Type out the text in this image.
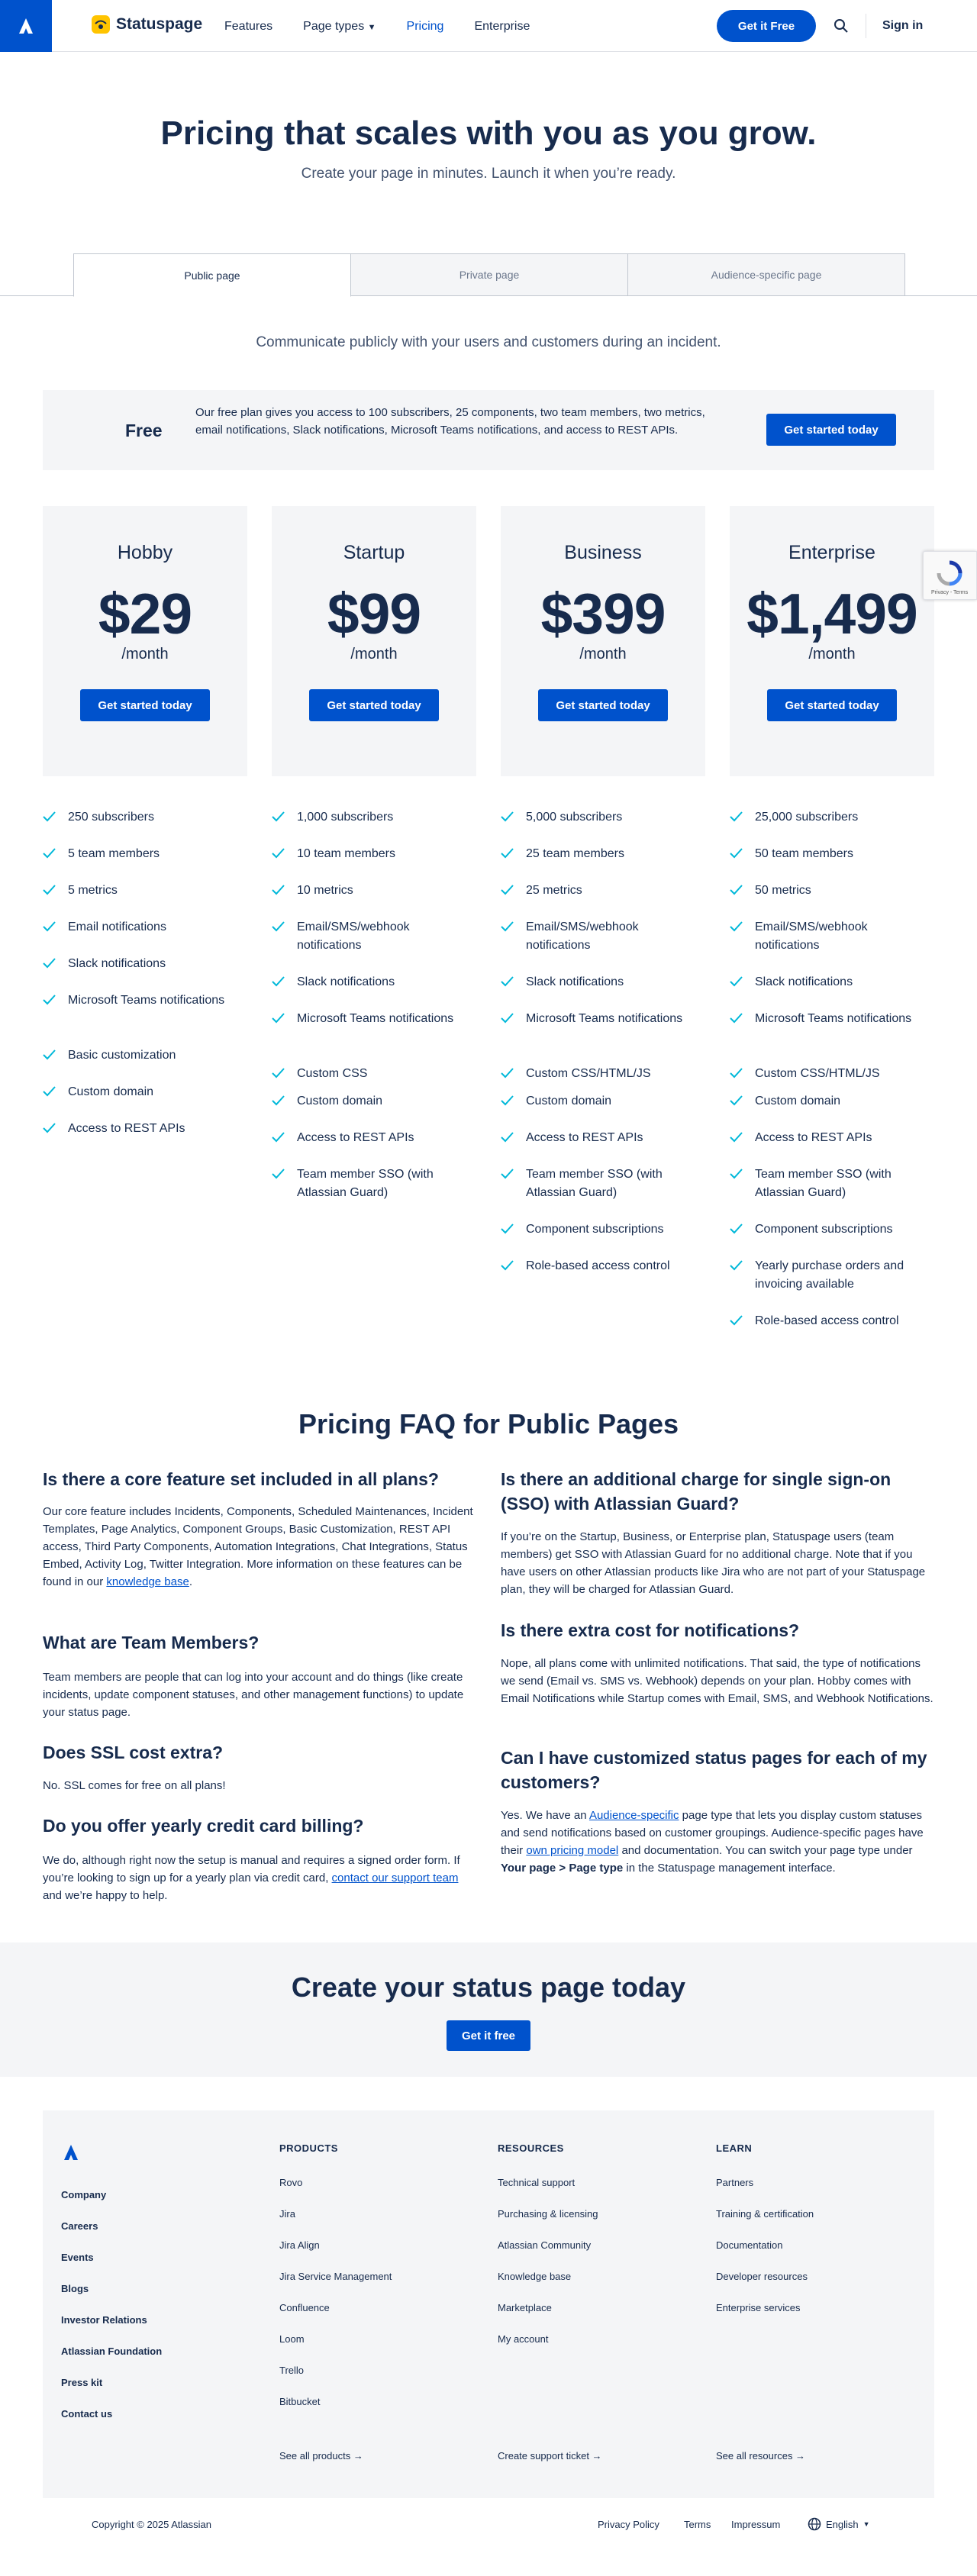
Statuspage Features	Page types ▼	Pricing	Enterprise	Get it Free	Sign in
Pricing that scales with you as you grow.

Create your page in minutes. Launch it when you’re ready.

Public page	Private page	Audience-specific page
Communicate publicly with your users and customers during an incident.
Free
Our free plan gives you access to 100 subscribers, 25 components, two team members, two metrics, email notifications, Slack notifications, Microsoft Teams notifications, and access to REST APIs.	Get started today
Hobby
$29
/month
Get started today
Startup
$99
/month
Get started today
Business
$399
/month
Get started today
Enterprise
$1,499
/month
Get started today
250 subscribers
5 team members
5 metrics
Email notifications
Slack notifications
Microsoft Teams notifications
Basic customization
Custom domain
Access to REST APIs
1,000 subscribers
10 team members
10 metrics
Email/SMS/webhook notifications
Slack notifications
Microsoft Teams notifications
Custom CSS
Custom domain
Access to REST APIs
Team member SSO (with Atlassian Guard)
5,000 subscribers
25 team members
25 metrics
Email/SMS/webhook notifications
Slack notifications
Microsoft Teams notifications
Custom CSS/HTML/JS
Custom domain
Access to REST APIs
Team member SSO (with Atlassian Guard)
Component subscriptions
Role-based access control
25,000 subscribers
50 team members
50 metrics
Email/SMS/webhook notifications
Slack notifications
Microsoft Teams notifications
Custom CSS/HTML/JS
Custom domain
Access to REST APIs
Team member SSO (with Atlassian Guard)
Component subscriptions
Yearly purchase orders and invoicing available
Role-based access control
Privacy - Terms
Pricing FAQ for Public Pages
Is there a core feature set included in all plans?
Our core feature includes Incidents, Components, Scheduled Maintenances, Incident Templates, Page Analytics, Component Groups, Basic Customization, REST API access, Third Party Components, Automation Integrations, Chat Integrations, Status Embed, Activity Log, Twitter Integration. More information on these features can be found in our knowledge base.
What are Team Members?
Team members are people that can log into your account and do things (like create incidents, update component statuses, and other management functions) to update your status page.
Does SSL cost extra?
No. SSL comes for free on all plans!
Do you offer yearly credit card billing?
We do, although right now the setup is manual and requires a signed order form. If you’re looking to sign up for a yearly plan via credit card, contact our support team and we’re happy to help.
Is there an additional charge for single sign-on (SSO) with Atlassian Guard?
If you’re on the Startup, Business, or Enterprise plan, Statuspage users (team members) get SSO with Atlassian Guard for no additional charge. Note that if you have users on other Atlassian products like Jira who are not part of your Statuspage plan, they will be charged for Atlassian Guard.
Is there extra cost for notifications?
Nope, all plans come with unlimited notifications. That said, the type of notifications we send (Email vs. SMS vs. Webhook) depends on your plan. Hobby comes with Email Notifications while Startup comes with Email, SMS, and Webhook Notifications.
Can I have customized status pages for each of my customers?
Yes. We have an Audience-specific page type that lets you display custom statuses and send notifications based on customer groupings. Audience-specific pages have their own pricing model and documentation. You can switch your page type under Your page > Page type in the Statuspage management interface.
Create your status page today
Get it free
Company
Careers
Events
Blogs
Investor Relations
Atlassian Foundation
Press kit
Contact us
PRODUCTS
Rovo
Jira
Jira Align
Jira Service Management
Confluence
Loom
Trello
Bitbucket
See all products →
RESOURCES
Technical support
Purchasing & licensing
Atlassian Community
Knowledge base
Marketplace
My account
Create support ticket →
LEARN
Partners
Training & certification
Documentation
Developer resources
Enterprise services
See all resources →
Copyright © 2025 Atlassian	Privacy Policy Terms Impressum	English ▼
